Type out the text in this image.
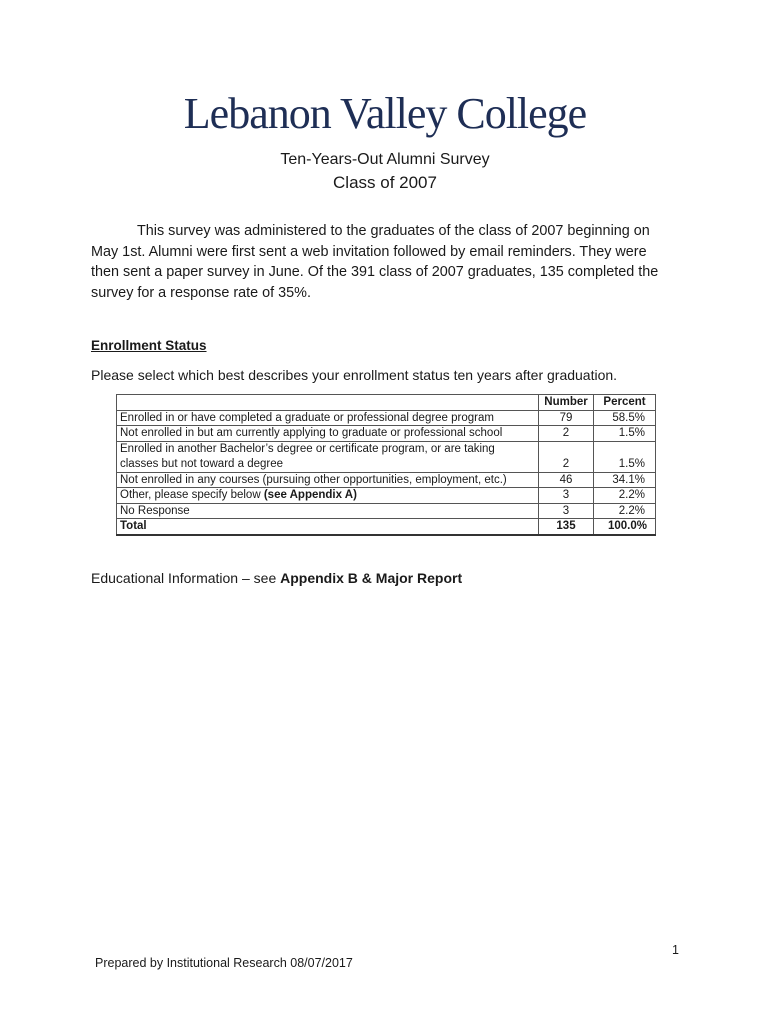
Lebanon Valley College
Ten-Years-Out Alumni Survey
Class of 2007

This survey was administered to the graduates of the class of 2007 beginning on May 1st. Alumni were first sent a web invitation followed by email reminders. They were then sent a paper survey in June. Of the 391 class of 2007 graduates, 135 completed the survey for a response rate of 35%.

Enrollment Status
Please select which best describes your enrollment status ten years after graduation.
	Number	Percent
Enrolled in or have completed a graduate or professional degree program	79	58.5%
Not enrolled in but am currently applying to graduate or professional school	2	1.5%
Enrolled in another Bachelor’s degree or certificate program, or are taking
classes but not toward a degree	2	1.5%
Not enrolled in any courses (pursuing other opportunities, employment, etc.)	46	34.1%
Other, please specify below (see Appendix A)	3	2.2%
No Response	3	2.2%
Total	135	100.0%
Educational Information – see Appendix B & Major Report
1
Prepared by Institutional Research 08/07/2017
